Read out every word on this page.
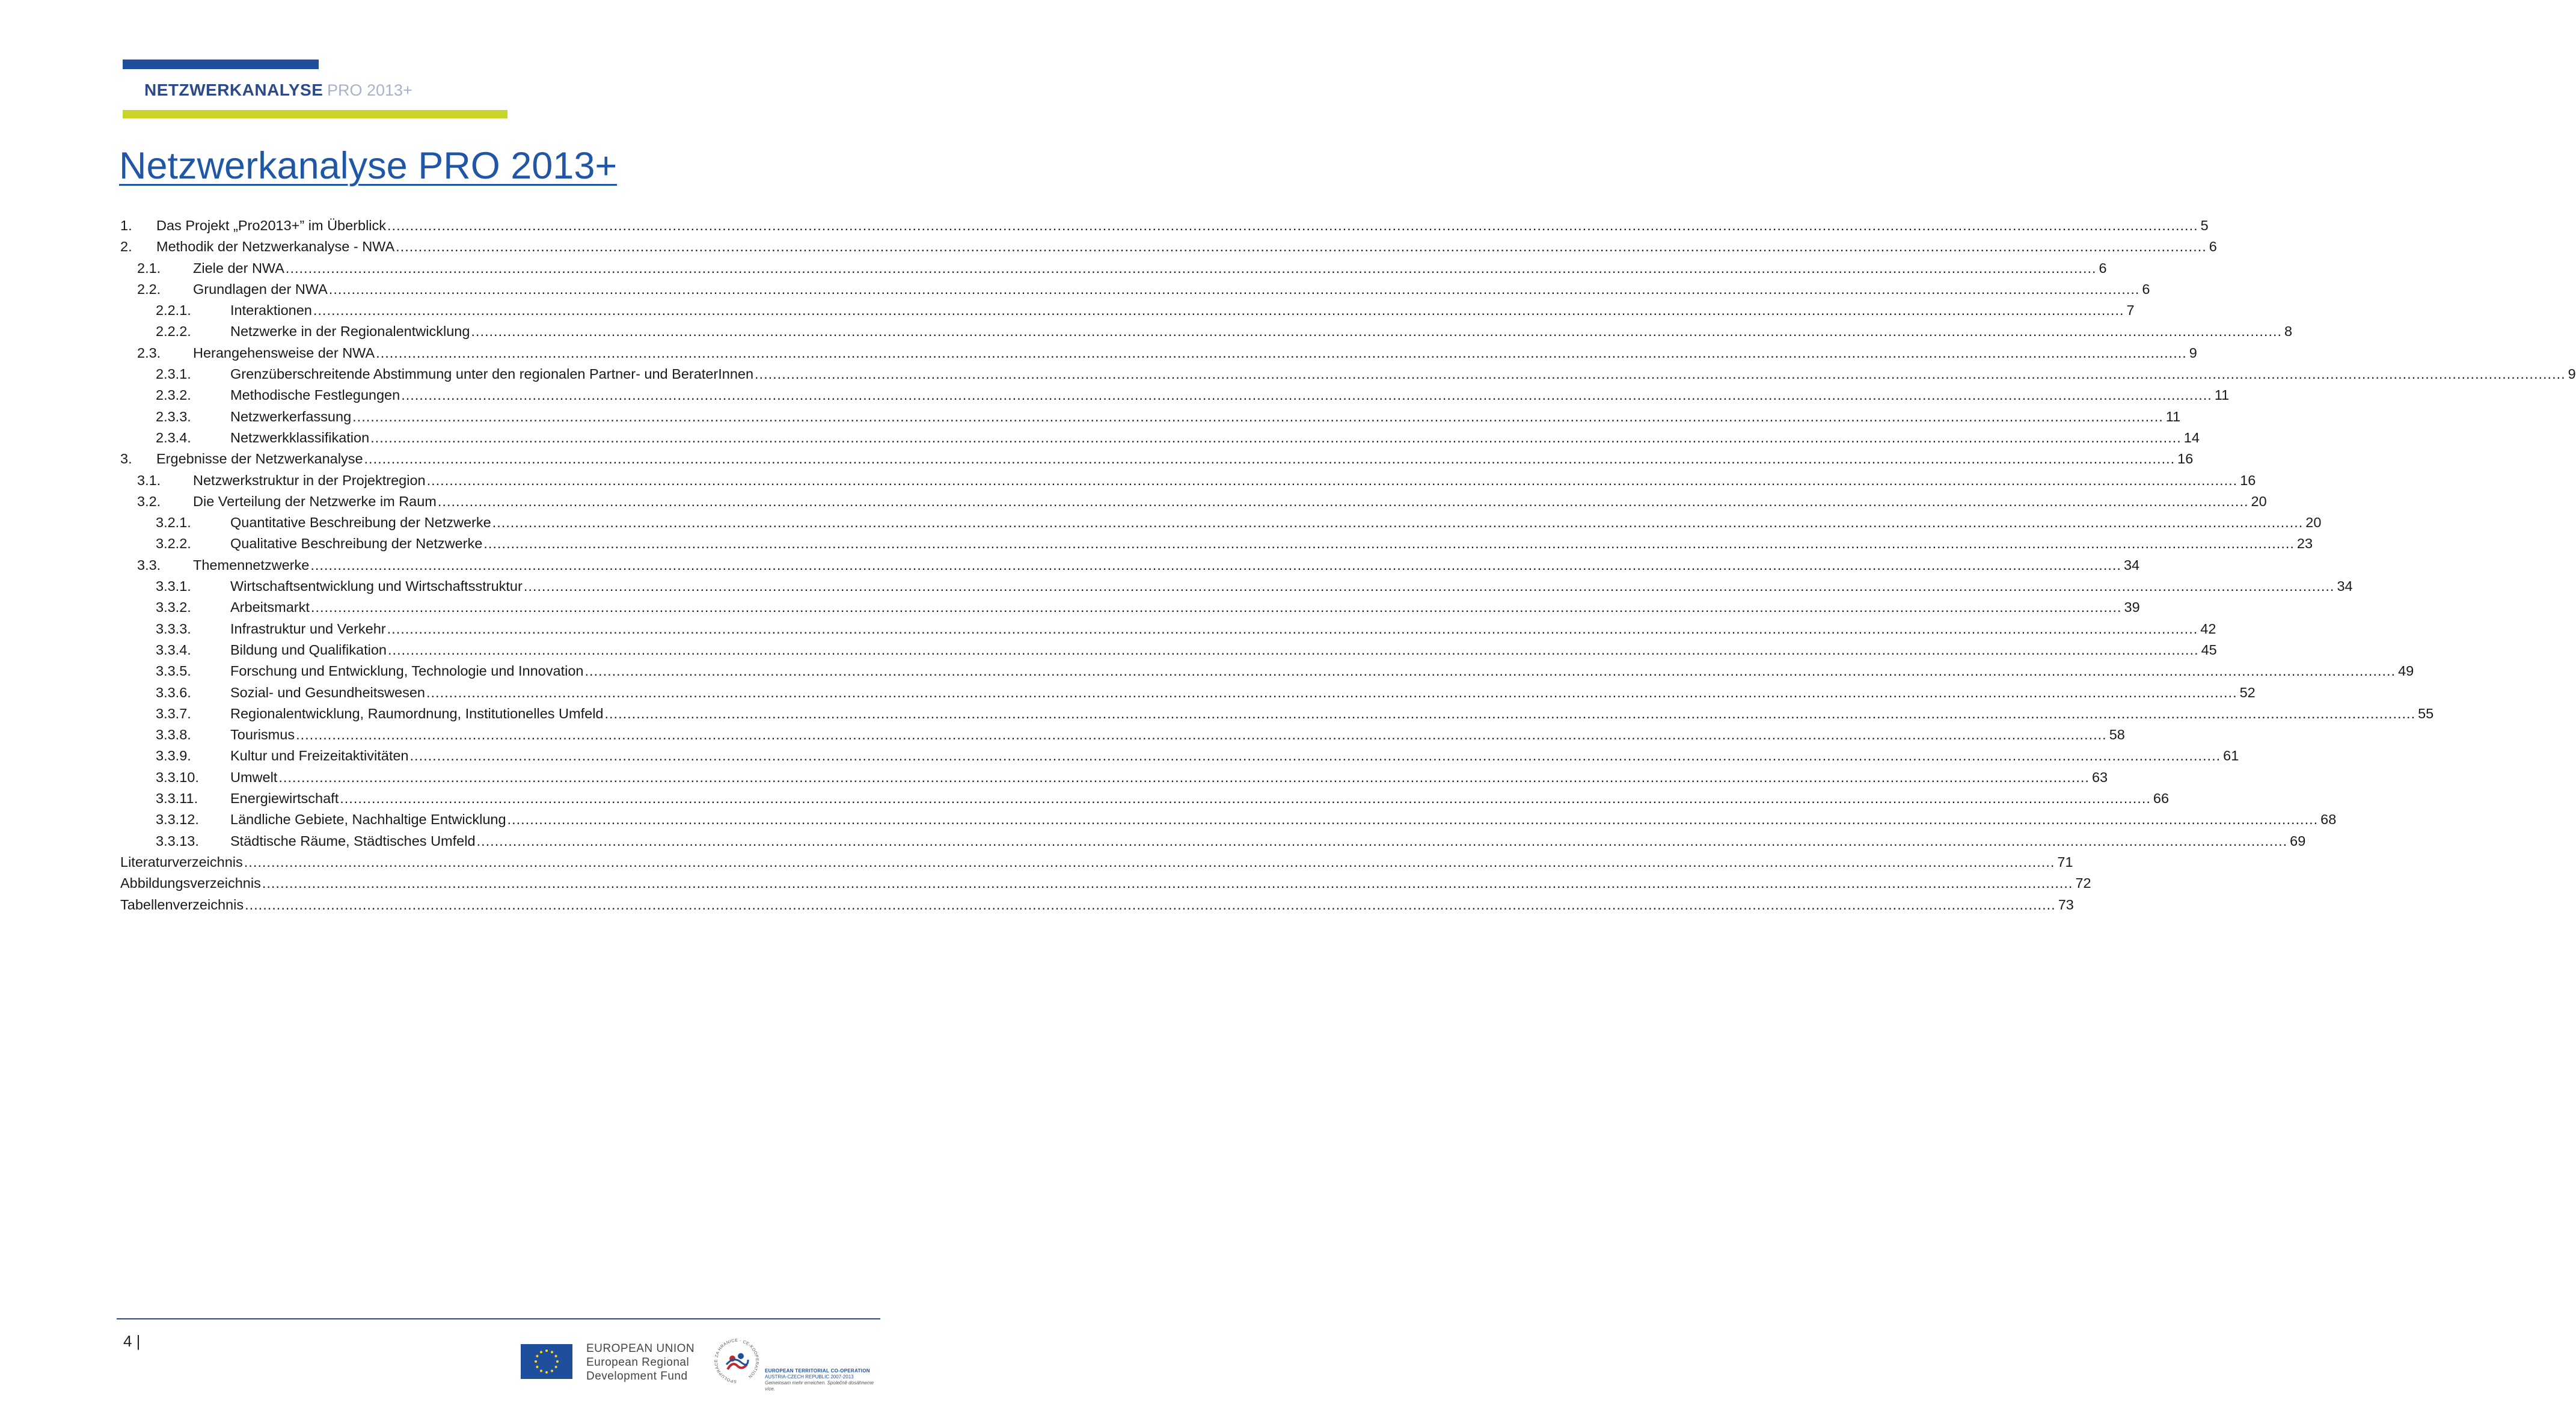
NETZWERKANALYSE PRO 2013+
Netzwerkanalyse PRO 2013+
1. Das Projekt „Pro2013+” im Überblick ................................................................................................................................................................................................................................................................................................................................................................................................................ 5
2. Methodik der Netzwerkanalyse - NWA ................................................................................................................................................................................................................................................................................................................................................................................................................ 6
2.1. Ziele der NWA ................................................................................................................................................................................................................................................................................................................................................................................................................ 6
2.2. Grundlagen der NWA ................................................................................................................................................................................................................................................................................................................................................................................................................ 6
2.2.1.	Interaktionen ................................................................................................................................................................................................................................................................................................................................................................................................................ 7
2.2.2.	Netzwerke in der Regionalentwicklung ................................................................................................................................................................................................................................................................................................................................................................................................................ 8
2.3. Herangehensweise der NWA ................................................................................................................................................................................................................................................................................................................................................................................................................ 9
2.3.1.	Grenzüberschreitende Abstimmung unter den regionalen Partner- und BeraterInnen ................................................................................................................................................................................................................................................................................................................................................................................................................ 9
2.3.2.	Methodische Festlegungen ................................................................................................................................................................................................................................................................................................................................................................................................................ 11
2.3.3.	Netzwerkerfassung ................................................................................................................................................................................................................................................................................................................................................................................................................ 11
2.3.4.	Netzwerkklassifikation ................................................................................................................................................................................................................................................................................................................................................................................................................ 14
3. Ergebnisse der Netzwerkanalyse ................................................................................................................................................................................................................................................................................................................................................................................................................ 16
3.1. Netzwerkstruktur in der Projektregion ................................................................................................................................................................................................................................................................................................................................................................................................................ 16
3.2. Die Verteilung der Netzwerke im Raum ................................................................................................................................................................................................................................................................................................................................................................................................................ 20
3.2.1.	Quantitative Beschreibung der Netzwerke ................................................................................................................................................................................................................................................................................................................................................................................................................ 20
3.2.2.	Qualitative Beschreibung der Netzwerke ................................................................................................................................................................................................................................................................................................................................................................................................................ 23
3.3. Themennetzwerke ................................................................................................................................................................................................................................................................................................................................................................................................................ 34
3.3.1.	Wirtschaftsentwicklung und Wirtschaftsstruktur ................................................................................................................................................................................................................................................................................................................................................................................................................ 34
3.3.2.	Arbeitsmarkt ................................................................................................................................................................................................................................................................................................................................................................................................................ 39
3.3.3.	Infrastruktur und Verkehr ................................................................................................................................................................................................................................................................................................................................................................................................................ 42
3.3.4.	Bildung und Qualifikation ................................................................................................................................................................................................................................................................................................................................................................................................................ 45
3.3.5.	Forschung und Entwicklung, Technologie und Innovation ................................................................................................................................................................................................................................................................................................................................................................................................................ 49
3.3.6.	Sozial- und Gesundheitswesen ................................................................................................................................................................................................................................................................................................................................................................................................................ 52
3.3.7.	Regionalentwicklung, Raumordnung, Institutionelles Umfeld ................................................................................................................................................................................................................................................................................................................................................................................................................ 55
3.3.8.	Tourismus ................................................................................................................................................................................................................................................................................................................................................................................................................ 58
3.3.9.	Kultur und Freizeitaktivitäten ................................................................................................................................................................................................................................................................................................................................................................................................................ 61
3.3.10. Umwelt ................................................................................................................................................................................................................................................................................................................................................................................................................ 63
3.3.11. Energiewirtschaft ................................................................................................................................................................................................................................................................................................................................................................................................................ 66
3.3.12. Ländliche Gebiete, Nachhaltige Entwicklung ................................................................................................................................................................................................................................................................................................................................................................................................................ 68
3.3.13. Städtische Räume, Städtisches Umfeld ................................................................................................................................................................................................................................................................................................................................................................................................................ 69
Literaturverzeichnis ................................................................................................................................................................................................................................................................................................................................................................................................................ 71
Abbildungsverzeichnis ................................................................................................................................................................................................................................................................................................................................................................................................................ 72
Tabellenverzeichnis ................................................................................................................................................................................................................................................................................................................................................................................................................ 73
4 |	EUROPEAN UNION
European Regional
Development Fund	SPOLUPRÁCE ZA HRANICE · CE-KOOPERATION
EUROPEAN TERRITORIAL CO-OPERATION
AUSTRIA-CZECH REPUBLIC 2007-2013
Gemeinsam mehr erreichen. Společně dosáhneme více.
